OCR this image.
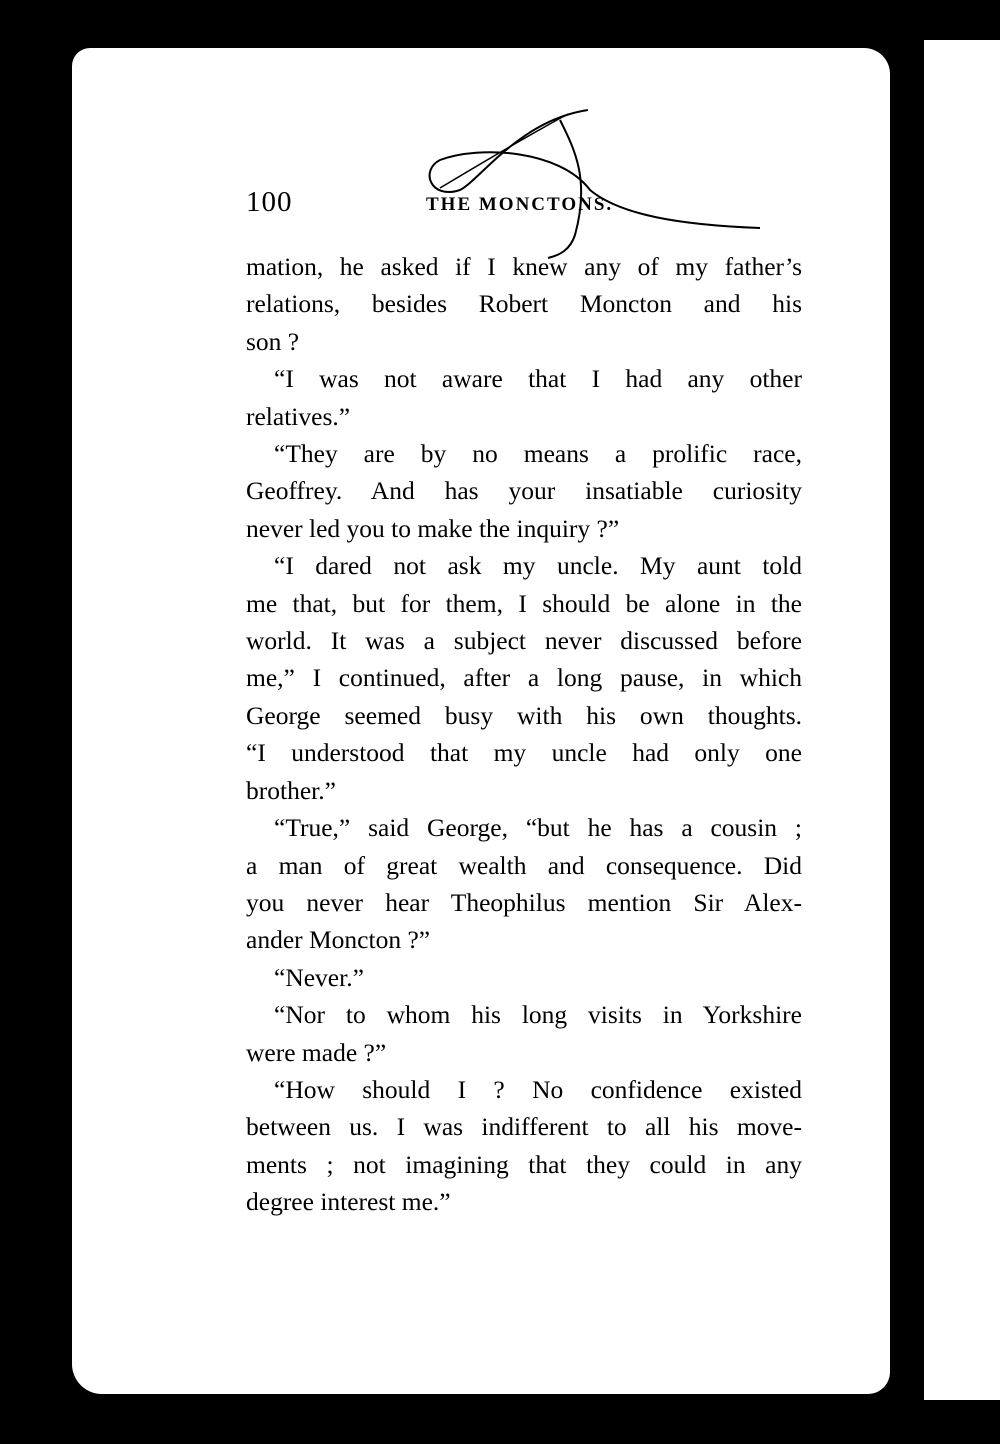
100	THE MONCTONS.
mation, he asked if I knew any of my father’s
relations, besides Robert Moncton and his
son ?
“I was not aware that I had any other
relatives.”
“They are by no means a prolific race,
Geoffrey. And has your insatiable curiosity
never led you to make the inquiry ?”
“I dared not ask my uncle. My aunt told
me that, but for them, I should be alone in the
world. It was a subject never discussed before
me,” I continued, after a long pause, in which
George seemed busy with his own thoughts.
“I understood that my uncle had only one
brother.”
“True,” said George, “but he has a cousin ;
a man of great wealth and consequence. Did
you never hear Theophilus mention Sir Alex-
ander Moncton ?”
“Never.”
“Nor to whom his long visits in Yorkshire
were made ?”
“How should I ? No confidence existed
between us. I was indifferent to all his move-
ments ; not imagining that they could in any
degree interest me.”
